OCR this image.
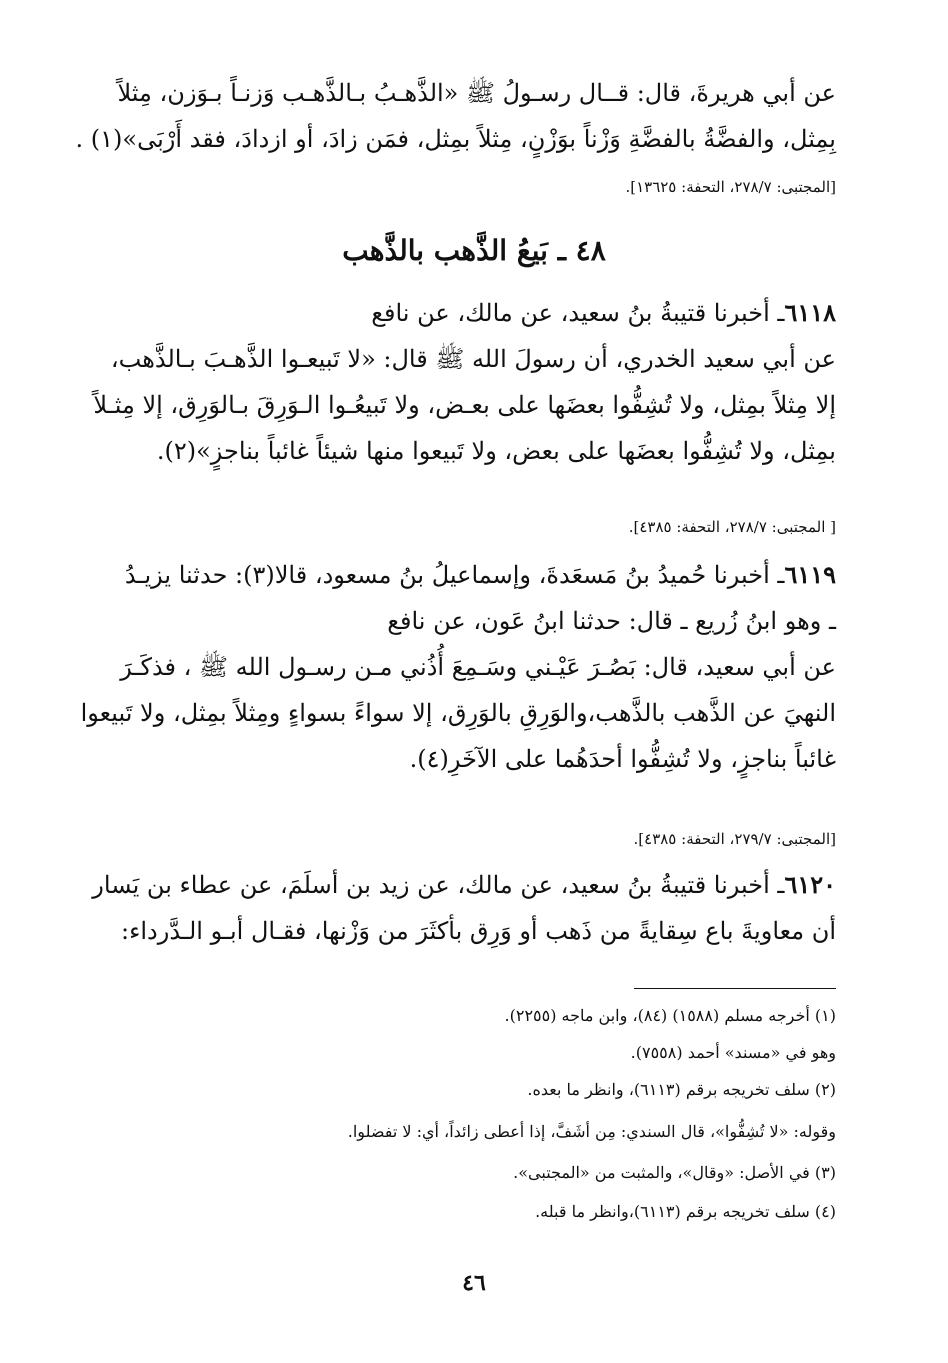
عن أبي هريرةَ، قال: قــال رسـولُ ﷺ «الذَّهـبُ بـالذَّهـب وَزنـاً بـوَزن، مِثلاً
بِمِثل، والفضَّةُ بالفضَّةِ وَزْناً بوَزْنٍ، مِثلاً بمِثل، فمَن زادَ، أو ازدادَ، فقد أَرْبَى»(١) .
[المجتبى: ٢٧٨/٧، التحفة: ١٣٦٢٥].
٤٨ ـ بَيعُ الذَّهب بالذَّهب
٦١١٨ـ أخبرنا قتيبةُ بنُ سعيد، عن مالك، عن نافع
عن أبي سعيد الخدري، أن رسولَ الله ﷺ قال: «لا تَبيعـوا الذَّهـبَ بـالذَّهب،
إلا مِثلاً بمِثل، ولا تُشِفُّوا بعضَها على بعـض، ولا تَبيعُـوا الـوَرِقَ بـالوَرِق، إلا مِثـلاً
بمِثل، ولا تُشِفُّوا بعضَها على بعض، ولا تَبيعوا منها شيئاً غائباً بناجزٍ»(٢).
[ المجتبى: ٢٧٨/٧، التحفة: ٤٣٨٥].
٦١١٩ـ أخبرنا حُميدُ بنُ مَسعَدةَ، وإسماعيلُ بنُ مسعود، قالا(٣): حدثنا يزيـدُ
ـ وهو ابنُ زُريع ـ قال: حدثنا ابنُ عَون، عن نافع
عن أبي سعيد، قال: بَصُـرَ عَيْـني وسَـمِعَ أُذُني مـن رسـول الله ﷺ ، فذكَـرَ
النهيَ عن الذَّهب بالذَّهب،والوَرِقِ بالوَرِق، إلا سواءً بسواءٍ ومِثلاً بمِثل، ولا تَبيعوا
غائباً بناجزٍ، ولا تُشِفُّوا أحدَهُما على الآخَرِ(٤).
[المجتبى: ٢٧٩/٧، التحفة: ٤٣٨٥].
٦١٢٠ـ أخبرنا قتيبةُ بنُ سعيد، عن مالك، عن زيد بن أسلَمَ، عن عطاء بن يَسار
أن معاويةَ باع سِقايةً من ذَهب أو وَرِق بأكثَرَ من وَزْنها، فقـال أبـو الـدَّرداء:
(١) أخرجه مسلم (١٥٨٨) (٨٤)، وابن ماجه (٢٢٥٥).
وهو في «مسند» أحمد (٧٥٥٨).
(٢) سلف تخريجه برقم (٦١١٣)، وانظر ما بعده.
وقوله: «لا تُشِفُّوا»، قال السندي: مِن أشَفَّ، إذا أعطى زائداً، أي: لا تفضلوا.
(٣) في الأصل: «وقال»، والمثبت من «المجتبى».
(٤) سلف تخريجه برقم (٦١١٣)،وانظر ما قبله.
٤٦
